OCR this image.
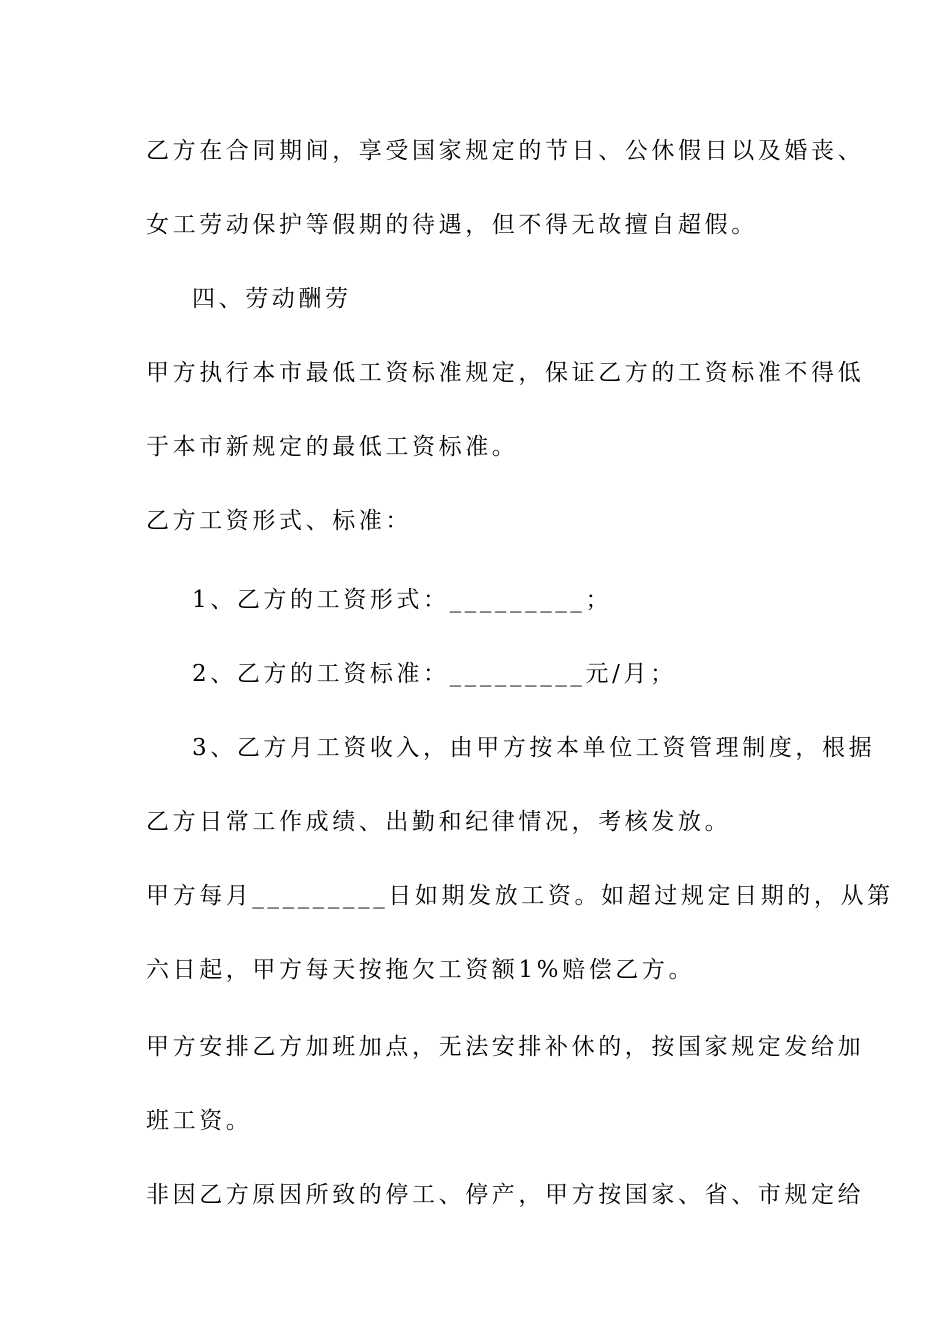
乙方在合同期间，享受国家规定的节日、公休假日以及婚丧、
女工劳动保护等假期的待遇，但不得无故擅自超假。
四、劳动酬劳
甲方执行本市最低工资标准规定，保证乙方的工资标准不得低
于本市新规定的最低工资标准。
乙方工资形式、标准：
1、乙方的工资形式：_________；
2、乙方的工资标准：_________元/月；
3、乙方月工资收入，由甲方按本单位工资管理制度，根据
乙方日常工作成绩、出勤和纪律情况，考核发放。
甲方每月_________日如期发放工资。如超过规定日期的，从第
六日起，甲方每天按拖欠工资额1%赔偿乙方。
甲方安排乙方加班加点，无法安排补休的，按国家规定发给加
班工资。
非因乙方原因所致的停工、停产，甲方按国家、省、市规定给
